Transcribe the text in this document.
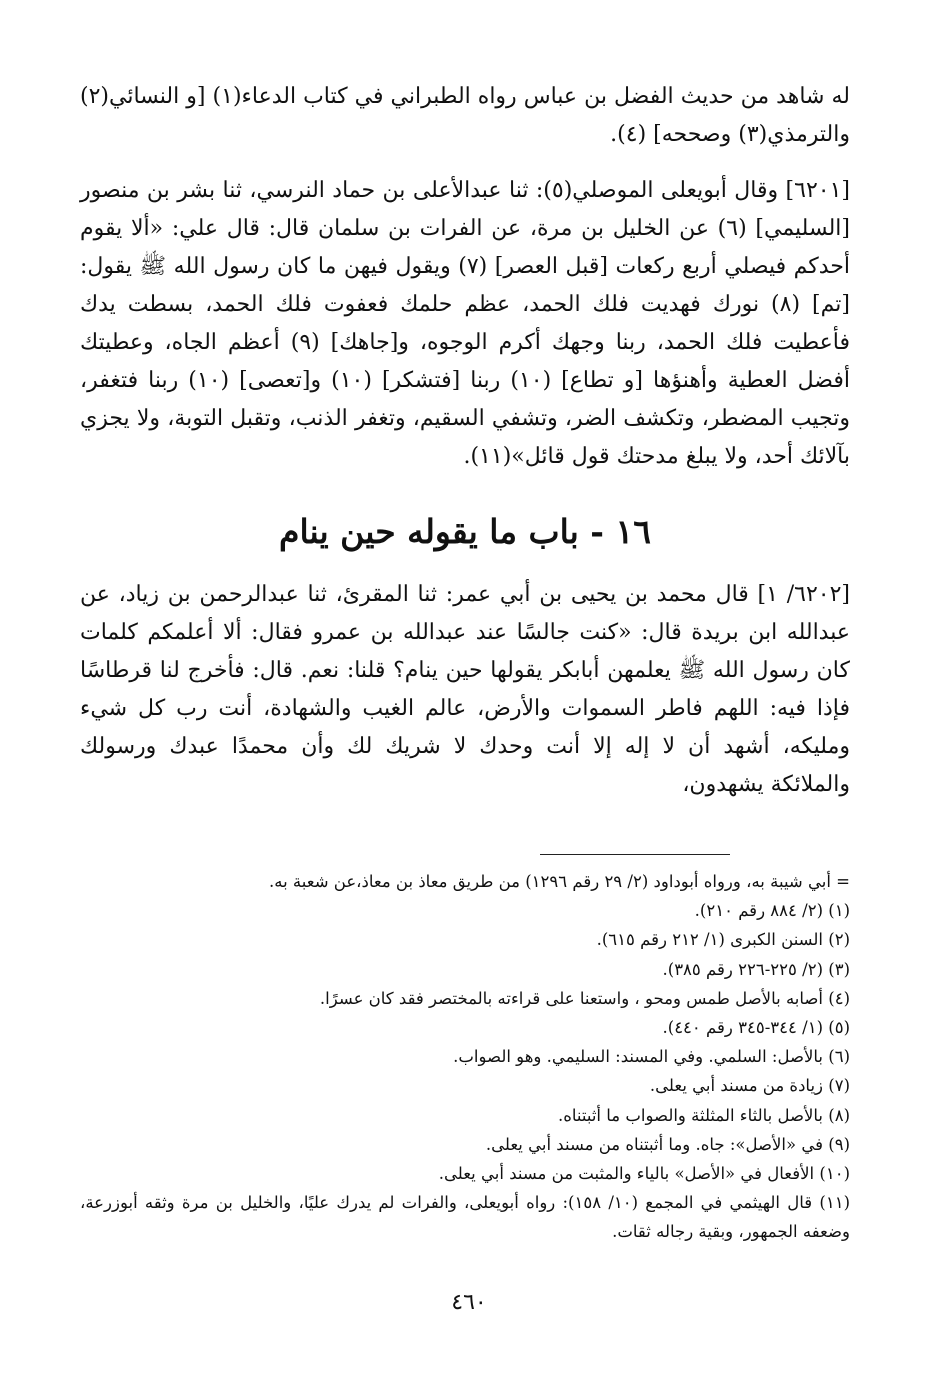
له شاهد من حديث الفضل بن عباس رواه الطبراني في كتاب الدعاء(١) [و النسائي(٢) والترمذي(٣) وصححه] (٤).

[٦٢٠١] وقال أبويعلى الموصلي(٥): ثنا عبدالأعلى بن حماد النرسي، ثنا بشر بن منصور [السليمي] (٦) عن الخليل بن مرة، عن الفرات بن سلمان قال: قال علي: «ألا يقوم أحدكم فيصلي أربع ركعات [قبل العصر] (٧) ويقول فيهن ما كان رسول الله ﷺ يقول: [تم] (٨) نورك فهديت فلك الحمد، عظم حلمك فعفوت فلك الحمد، بسطت يدك فأعطيت فلك الحمد، ربنا وجهك أكرم الوجوه، و[جاهك] (٩) أعظم الجاه، وعطيتك أفضل العطية وأهنؤها [و تطاع] (١٠) ربنا [فتشكر] (١٠) و[تعصى] (١٠) ربنا فتغفر، وتجيب المضطر، وتكشف الضر، وتشفي السقيم، وتغفر الذنب، وتقبل التوبة، ولا يجزي بآلائك أحد، ولا يبلغ مدحتك قول قائل»(١١).

١٦ - باب ما يقوله حين ينام

[٦٢٠٢/ ١] قال محمد بن يحيى بن أبي عمر: ثنا المقرئ، ثنا عبدالرحمن بن زياد، عن عبدالله ابن بريدة قال: «كنت جالسًا عند عبدالله بن عمرو فقال: ألا أعلمكم كلمات كان رسول الله ﷺ يعلمهن أبابكر يقولها حين ينام؟ قلنا: نعم. قال: فأخرج لنا قرطاسًا فإذا فيه: اللهم فاطر السموات والأرض، عالم الغيب والشهادة، أنت رب كل شيء ومليكه، أشهد أن لا إله إلا أنت وحدك لا شريك لك وأن محمدًا عبدك ورسولك والملائكة يشهدون،

= أبي شيبة به، ورواه أبوداود (٢/ ٢٩ رقم ١٢٩٦) من طريق معاذ بن معاذ،عن شعبة به.
(١) (٢/ ٨٨٤ رقم ٢١٠).
(٢) السنن الكبرى (١/ ٢١٢ رقم ٦١٥).
(٣) (٢/ ٢٢٥-٢٢٦ رقم ٣٨٥).
(٤) أصابه بالأصل طمس ومحو ، واستعنا على قراءته بالمختصر فقد كان عسرًا.
(٥) (١/ ٣٤٤-٣٤٥ رقم ٤٤٠).
(٦) بالأصل: السلمي. وفي المسند: السليمي. وهو الصواب.
(٧) زيادة من مسند أبي يعلى.
(٨) بالأصل بالثاء المثلثة والصواب ما أثبتناه.
(٩) في «الأصل»: جاه. وما أثبتناه من مسند أبي يعلى.
(١٠) الأفعال في «الأصل» بالياء والمثبت من مسند أبي يعلى.
(١١) قال الهيثمي في المجمع (١٠/ ١٥٨): رواه أبويعلى، والفرات لم يدرك عليًا، والخليل بن مرة وثقه أبوزرعة، وضعفه الجمهور، وبقية رجاله ثقات.
٤٦٠
